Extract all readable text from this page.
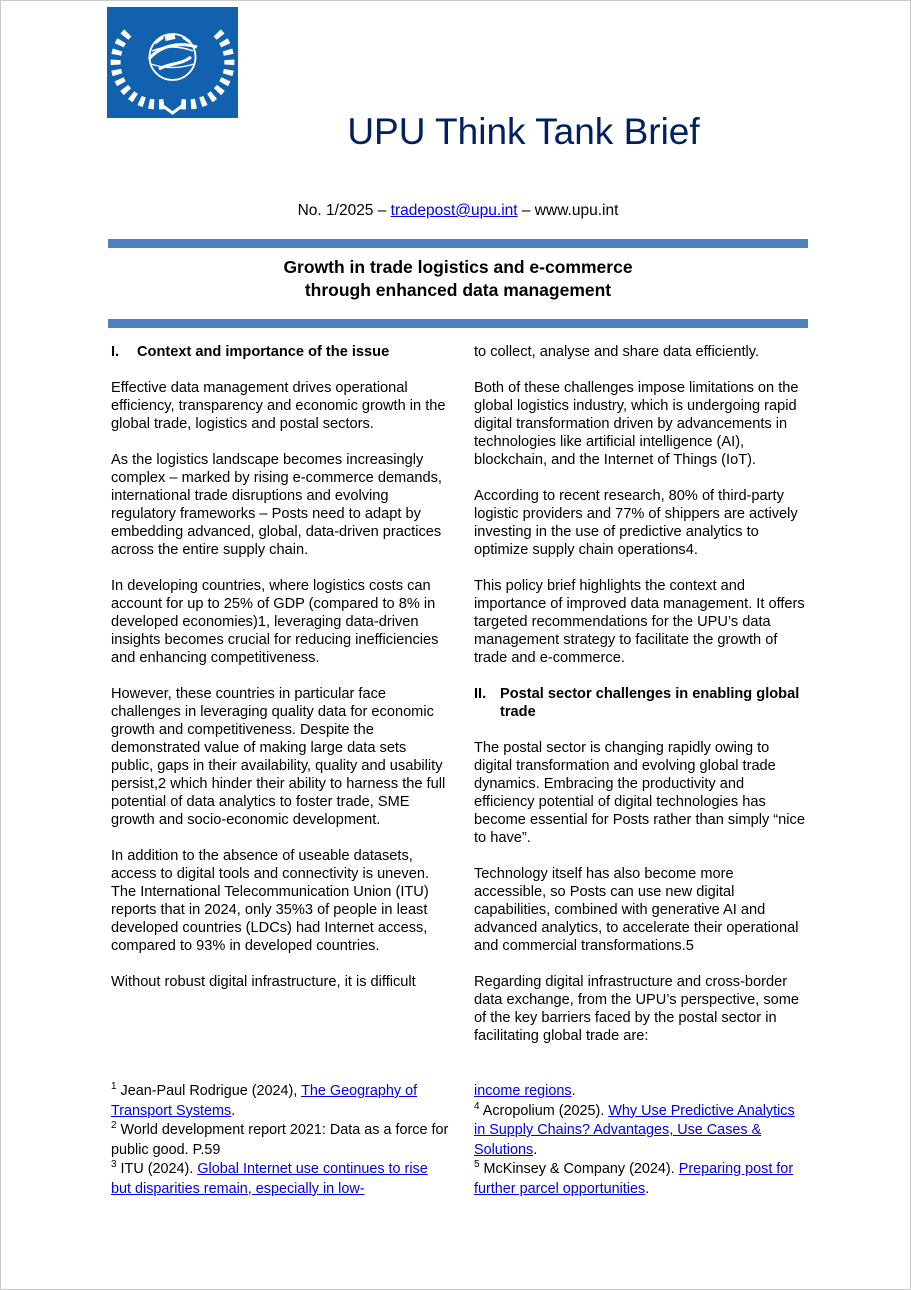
UPU Think Tank Brief
No. 1/2025 – tradepost@upu.int – www.upu.int
Growth in trade logistics and e-commerce
through enhanced data management
I.	Context and importance of the issue

Effective data management drives operational efficiency, transparency and economic growth in the global trade, logistics and postal sectors.

As the logistics landscape becomes increasingly complex – marked by rising e-commerce demands, international trade disruptions and evolving regulatory frameworks – Posts need to adapt by embedding advanced, global, data-driven practices across the entire supply chain.

In developing countries, where logistics costs can account for up to 25% of GDP (compared to 8% in developed economies)1, leveraging data-driven insights becomes crucial for reducing inefficiencies and enhancing competitiveness.

However, these countries in particular face challenges in leveraging quality data for economic growth and competitiveness. Despite the demonstrated value of making large data sets public, gaps in their availability, quality and usability persist,2 which hinder their ability to harness the full potential of data analytics to foster trade, SME growth and socio-economic development.

In addition to the absence of useable datasets, access to digital tools and connectivity is uneven. The International Telecommunication Union (ITU) reports that in 2024, only 35%3 of people in least developed countries (LDCs) had Internet access, compared to 93% in developed countries.

Without robust digital infrastructure, it is difficult

$^1$ Jean-Paul Rodrigue (2024), The Geography of Transport Systems.
$^2$ World development report 2021: Data as a force for public good. P.59
$^3$ ITU (2024). Global Internet use continues to rise but disparities remain, especially in low-

to collect, analyse and share data efficiently.

Both of these challenges impose limitations on the global logistics industry, which is undergoing rapid digital transformation driven by advancements in technologies like artificial intelligence (AI), blockchain, and the Internet of Things (IoT).

According to recent research, 80% of third-party logistic providers and 77% of shippers are actively investing in the use of predictive analytics to optimize supply chain operations4.

This policy brief highlights the context and importance of improved data management. It offers targeted recommendations for the UPU’s data management strategy to facilitate the growth of trade and e-commerce.

II. Postal sector challenges in enabling global trade

The postal sector is changing rapidly owing to digital transformation and evolving global trade dynamics. Embracing the productivity and efficiency potential of digital technologies has become essential for Posts rather than simply “nice to have”.

Technology itself has also become more accessible, so Posts can use new digital capabilities, combined with generative AI and advanced analytics, to accelerate their operational and commercial transformations.5

Regarding digital infrastructure and cross-border data exchange, from the UPU’s perspective, some of the key barriers faced by the postal sector in facilitating global trade are:

income regions.
$^4$ Acropolium (2025). Why Use Predictive Analytics in Supply Chains? Advantages, Use Cases & Solutions.
$^5$ McKinsey & Company (2024). Preparing post for further parcel opportunities.
